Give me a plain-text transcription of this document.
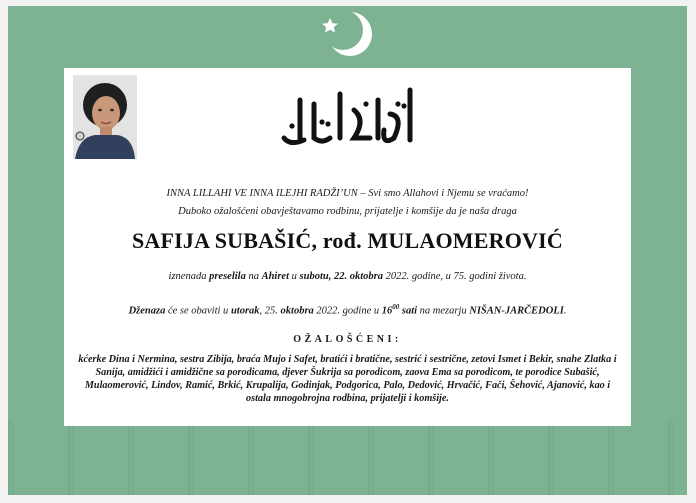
INNA LILLAHI VE INNA ILEJHI RADŽI’UN – Svi smo Allahovi i Njemu se vraćamo!
Duboko ožalošćeni obavještavamo rodbinu, prijatelje i komšije da je naša draga
SAFIJA SUBAŠIĆ, rođ. MULAOMEROVIĆ
iznenada preselila na Ahiret u subotu, 22. oktobra 2022. godine, u 75. godini života.
Dženaza će se obaviti u utorak, 25. oktobra 2022. godine u $16^{00}$ sati na mezarju NIŠAN-JARČEDOLI.
OŽALOŠĆENI:
kćerke Dina i Nermina, sestra Zibija, braća Mujo i Safet, bratići i bratične, sestrić i sestrične, zetovi Ismet i Bekir, snahe Zlatka i Sanija, amidžići i amidžične sa porodicama, djever Šukrija sa porodicom, zaova Ema sa porodicom, te porodice Subašić, Mulaomerović, Lindov, Ramić, Brkić, Krupalija, Godinjak, Podgorica, Palo, Dedović, Hrvačić, Fači, Šehović, Ajanović, kao i ostala mnogobrojna rodbina, prijatelji i komšije.
